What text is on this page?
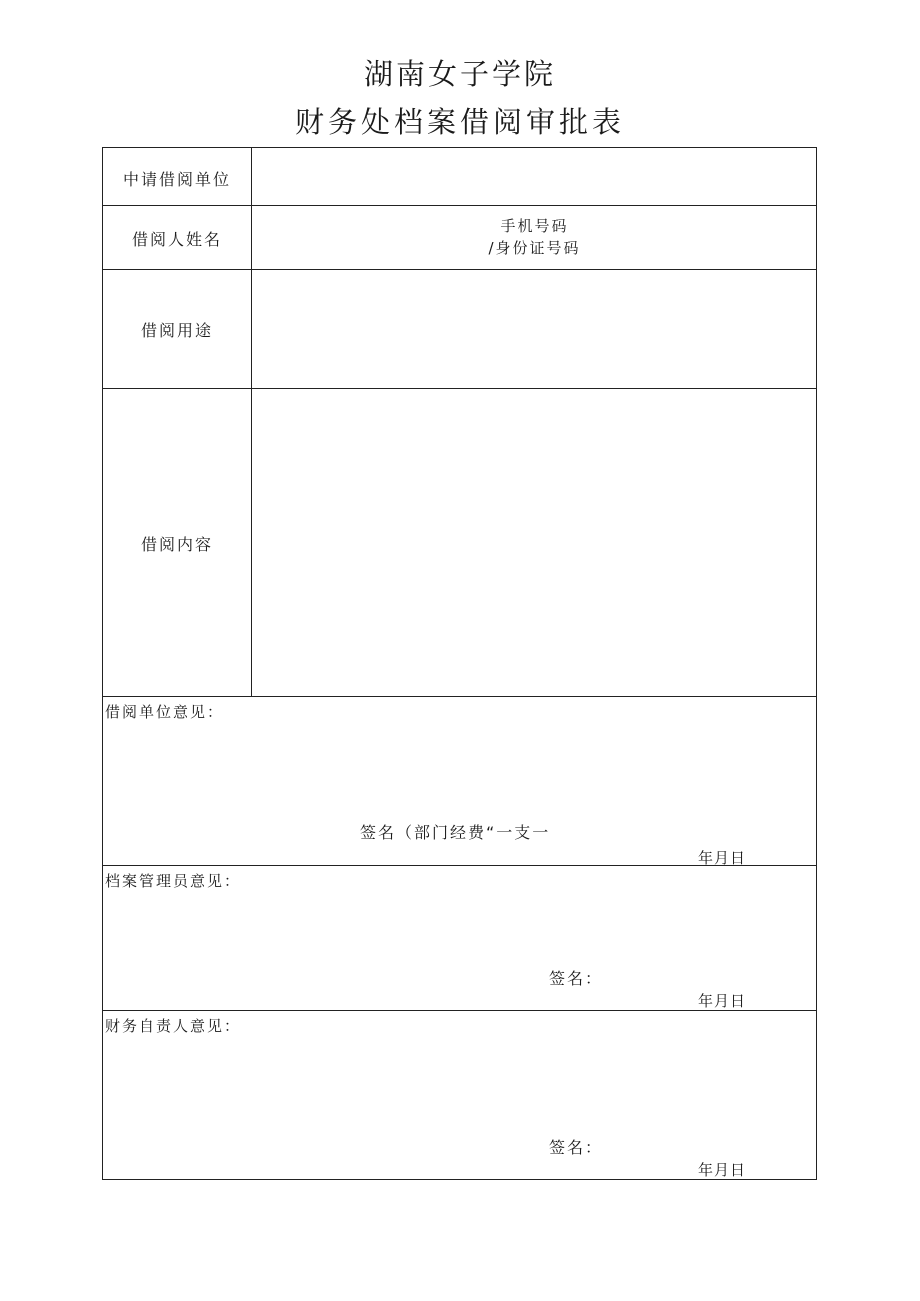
湖南女子学院
财务处档案借阅审批表
中请借阅单位
借阅人姓名
手机号码
/身份证号码
借阅用途
借阅内容
借阅单位意见：
签名（部门经费“一支一
年月日
档案管理员意见：
签名：
年月日
财务自责人意见：
签名：
年月日
